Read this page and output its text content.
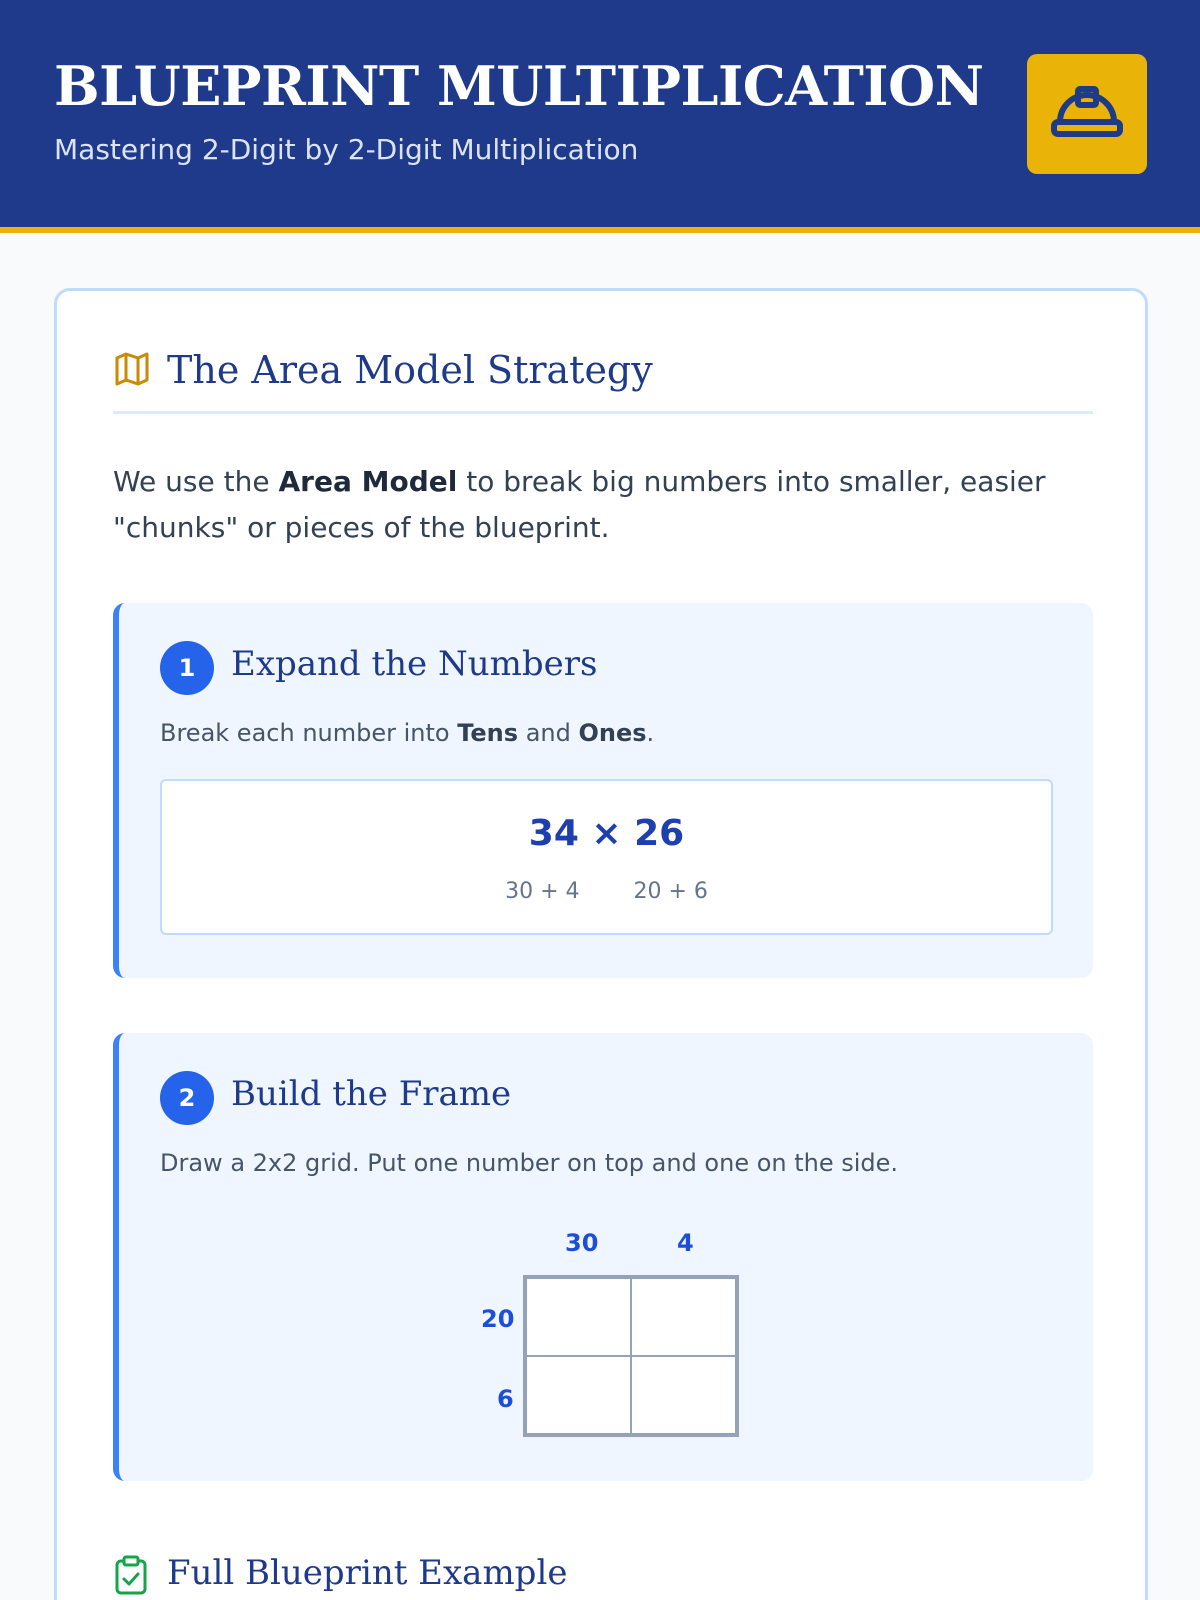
BLUEPRINT MULTIPLICATION
Mastering 2-Digit by 2-Digit Multiplication
The Area Model Strategy

We use the Area Model to break big numbers into smaller, easier "chunks" or pieces of the blueprint.

1	Expand the Numbers
Break each number into Tens and Ones.
34 × 26
30 + 4 20 + 6
2	Build the Frame
Draw a 2x2 grid. Put one number on top and one on the side.
30	4
20
6
Full Blueprint Example
